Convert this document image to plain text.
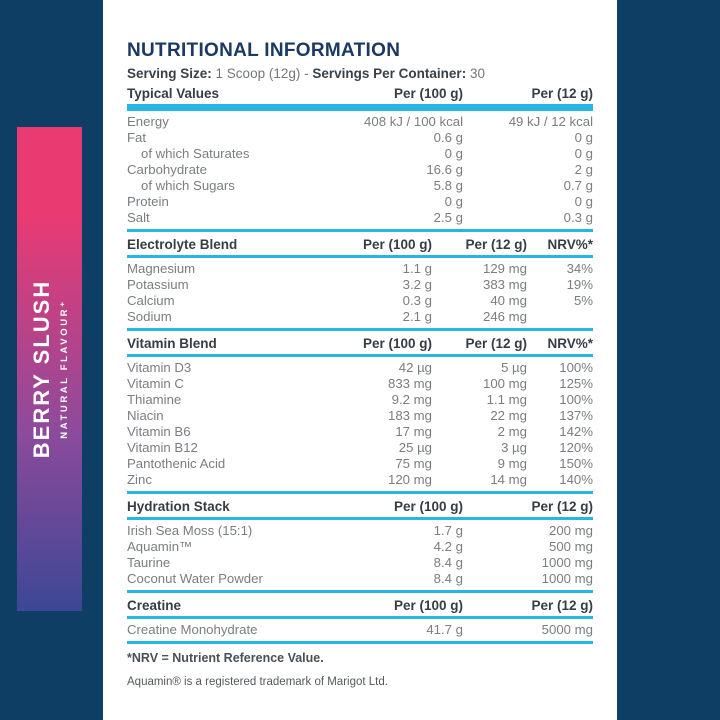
BERRY SLUSH NATURAL FLAVOUR⁺
NUTRITIONAL INFORMATION
Serving Size: 1 Scoop (12g) - Servings Per Container: 30
Typical Values	Per (100 g)	Per (12 g)
Energy	408 kJ / 100 kcal	49 kJ / 12 kcal
Fat	0.6 g	0 g
of which Saturates	0 g	0 g
Carbohydrate	16.6 g	2 g
of which Sugars	5.8 g	0.7 g
Protein	0 g	0 g
Salt	2.5 g	0.3 g
Electrolyte Blend	Per (100 g)	Per (12 g)	NRV%*
Magnesium	1.1 g	129 mg	34%
Potassium	3.2 g	383 mg	19%
Calcium	0.3 g	40 mg	5%
Sodium	2.1 g	246 mg
Vitamin Blend	Per (100 g)	Per (12 g)	NRV%*
Vitamin D3	42 µg	5 µg	100%
Vitamin C	833 mg	100 mg	125%
Thiamine	9.2 mg	1.1 mg	100%
Niacin	183 mg	22 mg	137%
Vitamin B6	17 mg	2 mg	142%
Vitamin B12	25 µg	3 µg	120%
Pantothenic Acid	75 mg	9 mg	150%
Zinc	120 mg	14 mg	140%
Hydration Stack	Per (100 g)	Per (12 g)
Irish Sea Moss (15:1)	1.7 g	200 mg
Aquamin™	4.2 g	500 mg
Taurine	8.4 g	1000 mg
Coconut Water Powder	8.4 g	1000 mg
Creatine	Per (100 g)	Per (12 g)
Creatine Monohydrate	41.7 g	5000 mg
*NRV = Nutrient Reference Value.
Aquamin® is a registered trademark of Marigot Ltd.
